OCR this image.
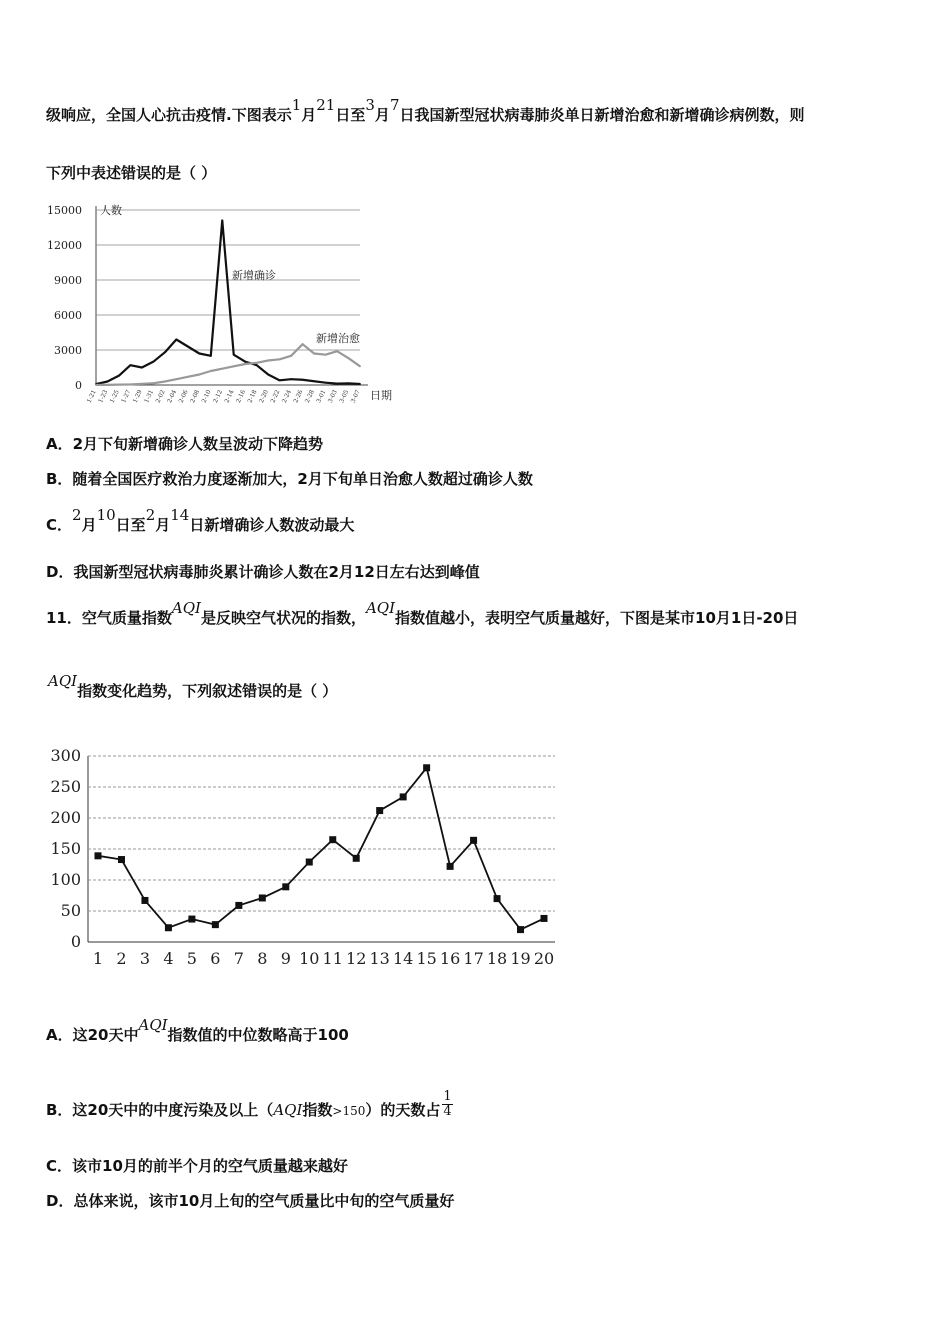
级响应，全国人心抗击疫情.下图表示1月21日至3月7日我国新型冠状病毒肺炎单日新增治愈和新增确诊病例数，则
下列中表述错误的是（ ）
15000
12000
9000
6000
3000
0
1-21 1-23 1-25 1-27 1-29 1-31 2-02 2-04 2-06 2-08 2-10 2-12 2-14 2-16 2-18 2-20 2-22 2-24 2-26 2-28 3-01 3-03 3-05 3-07
人数
日期
新增确诊
新增治愈
A．2月下旬新增确诊人数呈波动下降趋势
B．随着全国医疗救治力度逐渐加大，2月下旬单日治愈人数超过确诊人数
C．2月10日至2月14日新增确诊人数波动最大
D．我国新型冠状病毒肺炎累计确诊人数在2月12日左右达到峰值
11．空气质量指数AQI是反映空气状况的指数，AQI指数值越小，表明空气质量越好，下图是某市10月1日-20日
AQI指数变化趋势，下列叙述错误的是（ ）
300
250
200
150
100
50
0
1 2 3 4 5 6 7 8 9 10 11 12 13 14 15 16 17 18 19 20
A．这20天中AQI指数值的中位数略高于100
B．这20天中的中度污染及以上（AQI指数>150）的天数占 $\frac{1}{4}$
C．该市10月的前半个月的空气质量越来越好
D．总体来说，该市10月上旬的空气质量比中旬的空气质量好
